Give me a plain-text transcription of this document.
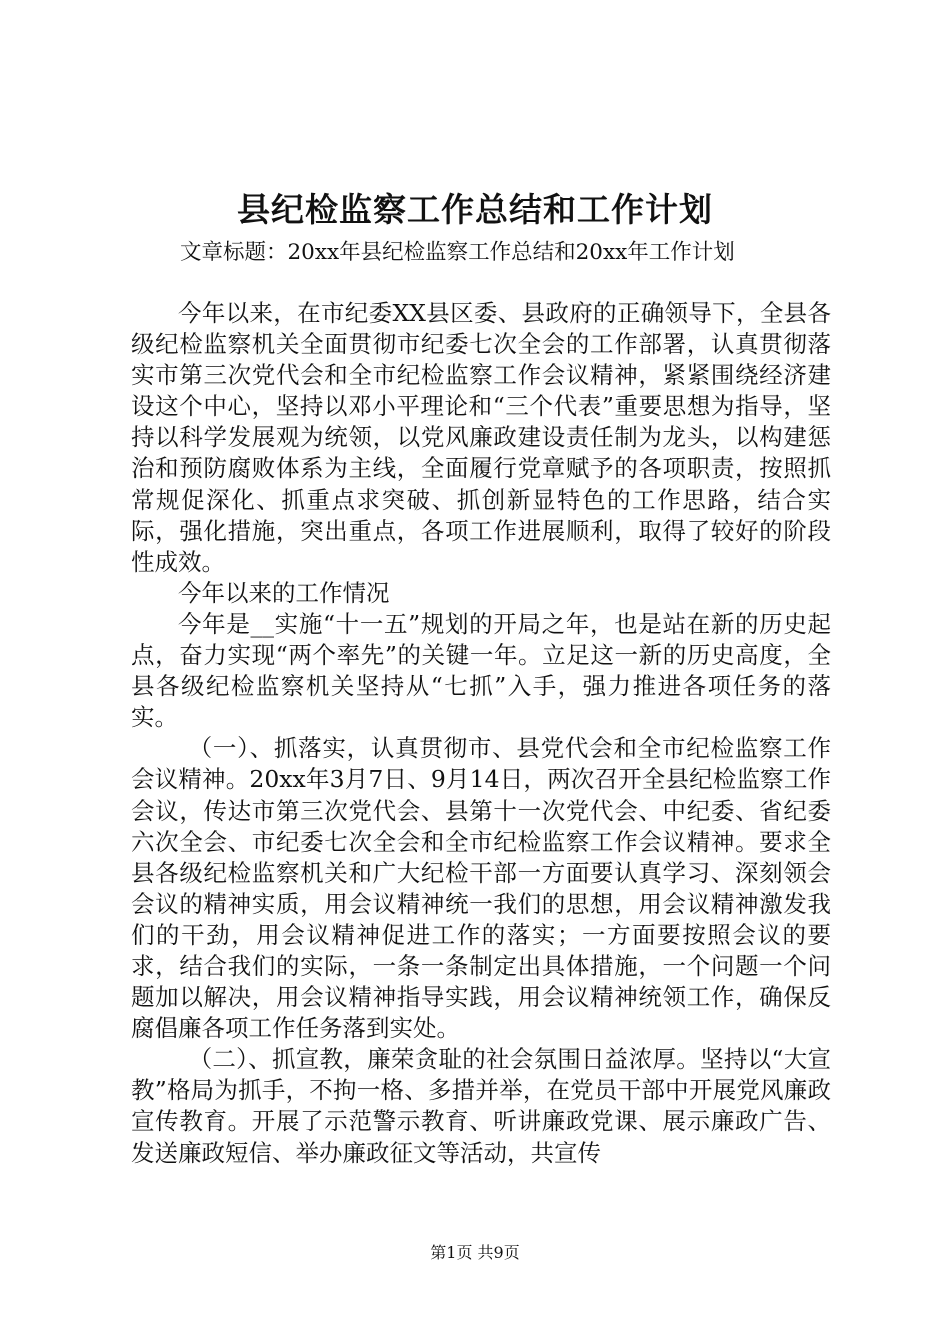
县纪检监察工作总结和工作计划
文章标题：20xx年县纪检监察工作总结和20xx年工作计划

今年以来，在市纪委XX县区委、县政府的正确领导下，全县各级纪检监察机关全面贯彻市纪委七次全会的工作部署，认真贯彻落实市第三次党代会和全市纪检监察工作会议精神，紧紧围绕经济建设这个中心，坚持以邓小平理论和“三个代表”重要思想为指导，坚持以科学发展观为统领，以党风廉政建设责任制为龙头，以构建惩治和预防腐败体系为主线，全面履行党章赋予的各项职责，按照抓常规促深化、抓重点求突破、抓创新显特色的工作思路，结合实际，强化措施，突出重点，各项工作进展顺利，取得了较好的阶段性成效。

今年以来的工作情况

今年是__实施“十一五”规划的开局之年，也是站在新的历史起点，奋力实现“两个率先”的关键一年。立足这一新的历史高度，全县各级纪检监察机关坚持从“七抓”入手，强力推进各项任务的落实。

（一）、抓落实，认真贯彻市、县党代会和全市纪检监察工作会议精神。20xx年3月7日、9月14日，两次召开全县纪检监察工作会议，传达市第三次党代会、县第十一次党代会、中纪委、省纪委六次全会、市纪委七次全会和全市纪检监察工作会议精神。要求全县各级纪检监察机关和广大纪检干部一方面要认真学习、深刻领会会议的精神实质，用会议精神统一我们的思想，用会议精神激发我们的干劲，用会议精神促进工作的落实；一方面要按照会议的要求，结合我们的实际，一条一条制定出具体措施，一个问题一个问题加以解决，用会议精神指导实践，用会议精神统领工作，确保反腐倡廉各项工作任务落到实处。

（二）、抓宣教，廉荣贪耻的社会氛围日益浓厚。坚持以“大宣教”格局为抓手，不拘一格、多措并举，在党员干部中开展党风廉政宣传教育。开展了示范警示教育、听讲廉政党课、展示廉政广告、发送廉政短信、举办廉政征文等活动，共宣传

第1页 共9页
